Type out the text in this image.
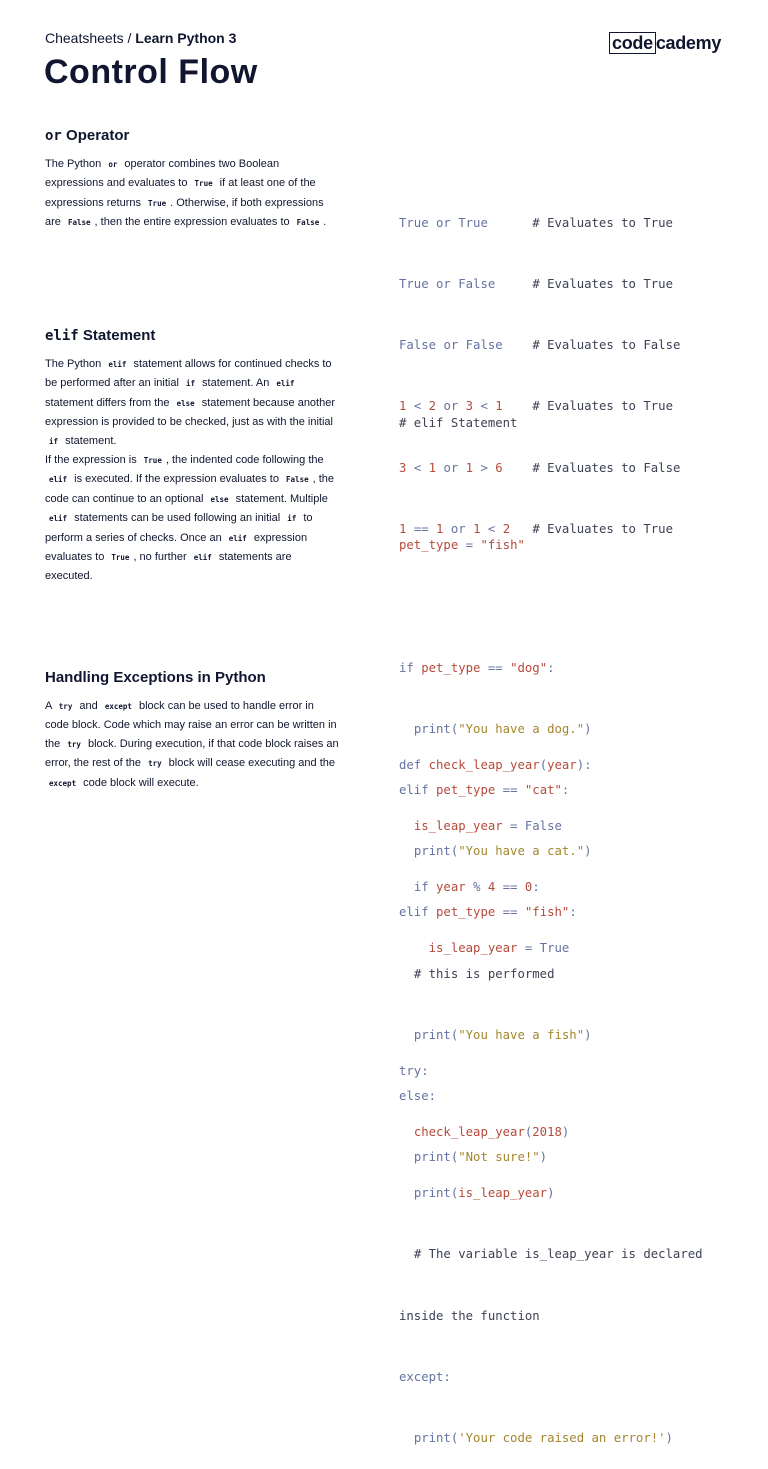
Cheatsheets / Learn Python 3	code cademy
Control Flow
or Operator
The Python or operator combines two Boolean expressions and evaluates to True if at least one of the expressions returns True . Otherwise, if both expressions are False , then the entire expression evaluates to False .

	True or True	# Evaluates to True

True or False	# Evaluates to True

False or False # Evaluates to False

1 < 2 or 3 < 1 # Evaluates to True

3 < 1 or 1 > 6 # Evaluates to False

1 == 1 or 1 < 2 # Evaluates to True

elif Statement
The Python elif statement allows for continued checks to be performed after an initial if statement. An elif statement differs from the else statement because another expression is provided to be checked, just as with the initial if statement.
If the expression is True , the indented code following the elif is executed. If the expression evaluates to False , the code can continue to an optional else statement. Multiple elif statements can be used following an initial if to perform a series of checks. Once an elif expression evaluates to True , no further elif statements are executed.

# elif Statement

pet_type = "fish"

if pet_type == "dog":

print("You have a dog.")

elif pet_type == "cat":

print("You have a cat.")

elif pet_type == "fish":

# this is performed

print("You have a fish")

else:

print("Not sure!")

Handling Exceptions in Python
A try and except block can be used to handle error in code block. Code which may raise an error can be written in the try block. During execution, if that code block raises an error, the rest of the try block will cease executing and the except code block will execute.

def check_leap_year(year):

is_leap_year = False

if year % 4 == 0:

is_leap_year = True

try:

check_leap_year(2018)

print(is_leap_year)

# The variable is_leap_year is declared

inside the function

except:

print('Your code raised an error!')
